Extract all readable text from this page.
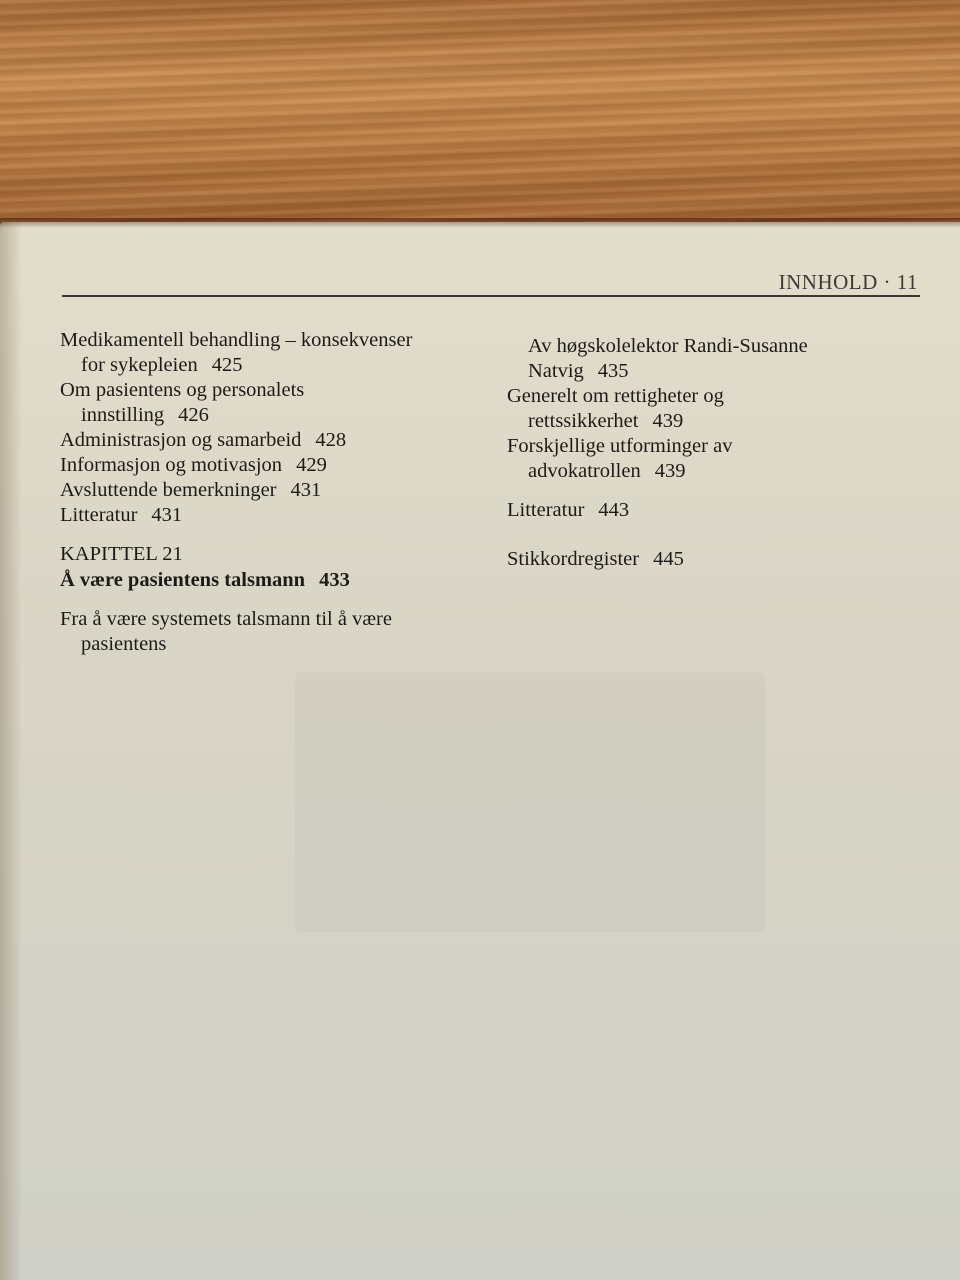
INNHOLD · 11
Medikamentell behandling – konsekvenser
for sykepleien 425
Om pasientens og personalets
innstilling 426
Administrasjon og samarbeid 428
Informasjon og motivasjon 429
Avsluttende bemerkninger 431
Litteratur 431
KAPITTEL 21
Å være pasientens talsmann 433
Fra å være systemets talsmann til å være
pasientens
Av høgskolelektor Randi-Susanne
Natvig 435
Generelt om rettigheter og
rettssikkerhet 439
Forskjellige utforminger av
advokatrollen 439
Litteratur 443
Stikkordregister 445
